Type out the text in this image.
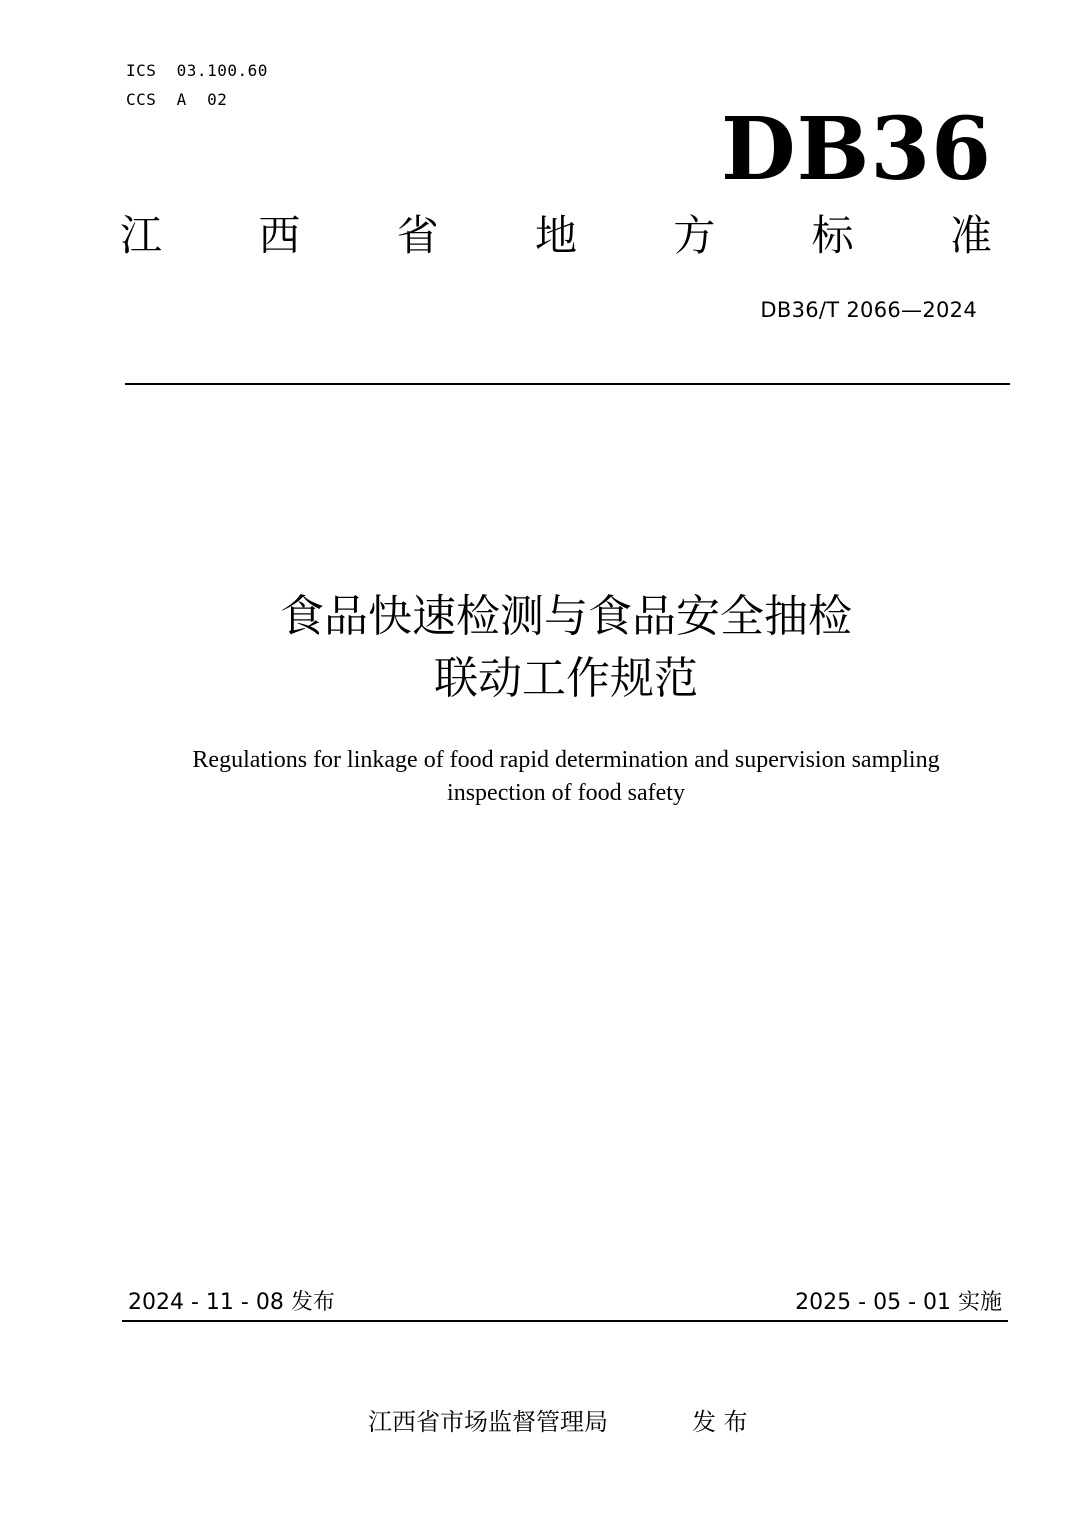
ICS  03.100.60
CCS  A  02	DB36
江 西 省 地 方 标 准
DB36/T 2066—2024
食品快速检测与食品安全抽检
联动工作规范
Regulations for linkage of food rapid determination and supervision sampling
inspection of food safety
2024 - 11 - 08 发布	2025 - 05 - 01 实施
江西省市场监督管理局	发 布
